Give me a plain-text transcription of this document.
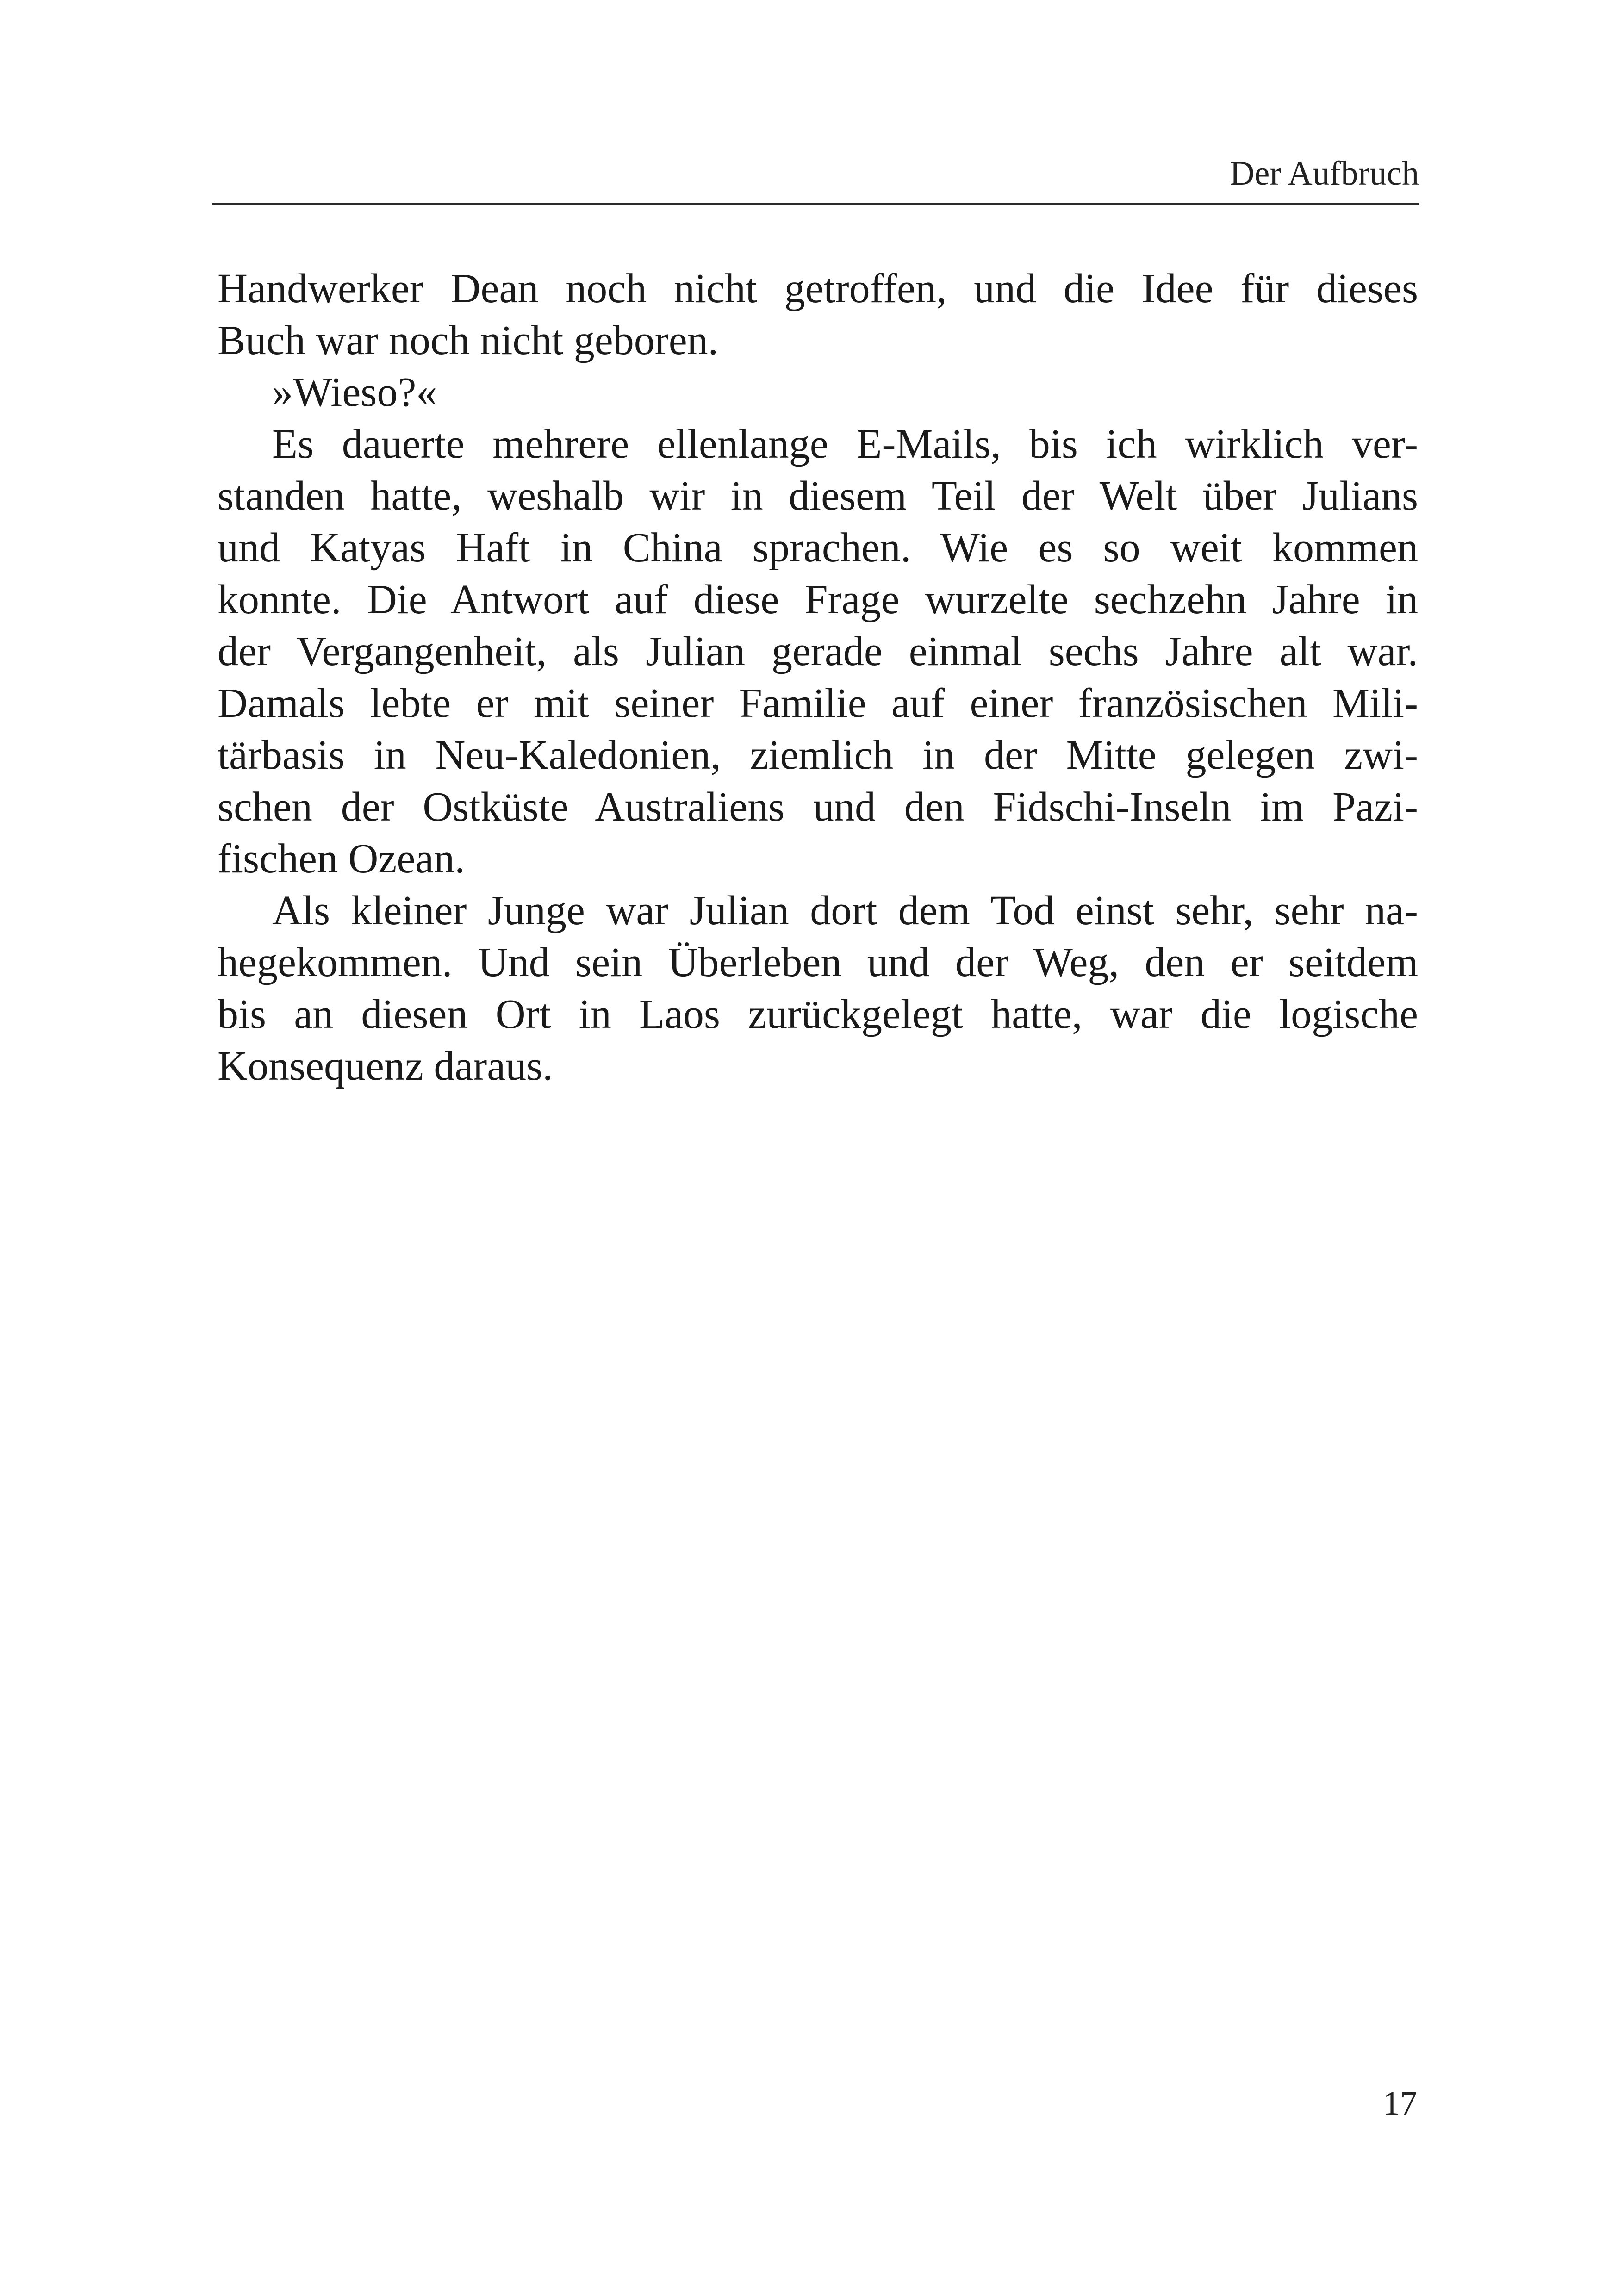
Der Aufbruch
Handwerker Dean noch nicht getroffen, und die Idee für dieses
Buch war noch nicht geboren.
»Wieso?«
Es dauerte mehrere ellenlange E-Mails, bis ich wirklich ver-
standen hatte, weshalb wir in diesem Teil der Welt über Julians
und Katyas Haft in China sprachen. Wie es so weit kommen
konnte. Die Antwort auf diese Frage wurzelte sechzehn Jahre in
der Vergangenheit, als Julian gerade einmal sechs Jahre alt war.
Damals lebte er mit seiner Familie auf einer französischen Mili-
tärbasis in Neu-Kaledonien, ziemlich in der Mitte gelegen zwi-
schen der Ostküste Australiens und den Fidschi-Inseln im Pazi-
fischen Ozean.
Als kleiner Junge war Julian dort dem Tod einst sehr, sehr na-
hegekommen. Und sein Überleben und der Weg, den er seitdem
bis an diesen Ort in Laos zurückgelegt hatte, war die logische
Konsequenz daraus.
17
